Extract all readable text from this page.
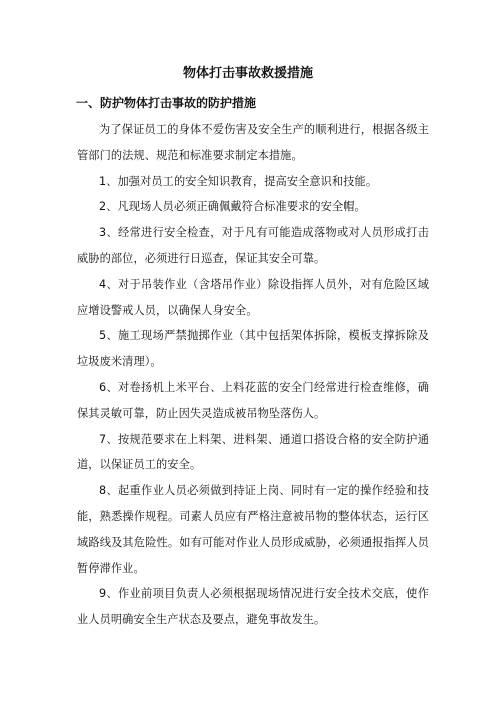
物体打击事故救援措施
一、防护物体打击事故的防护措施

为了保证员工的身体不爱伤害及安全生产的顺利进行，根据各级主管部门的法规、规范和标准要求制定本措施。

1、加强对员工的安全知识教育，提高安全意识和技能。

2、凡现场人员必须正确佩戴符合标准要求的安全帽。

3、经常进行安全检查，对于凡有可能造成落物或对人员形成打击威胁的部位，必须进行日巡查，保证其安全可靠。

4、对于吊装作业（含塔吊作业）除设指挥人员外，对有危险区域应增设警戒人员，以确保人身安全。

5、施工现场严禁抛掷作业（其中包括架体拆除，模板支撑拆除及垃圾废米清理）。

6、对卷扬机上米平台、上料花蓝的安全门经常进行检查维修，确保其灵敏可靠，防止因失灵造成被吊物坠落伤人。

7、按规范要求在上料架、进料架、通道口搭设合格的安全防护通道，以保证员工的安全。

8、起重作业人员必须做到持证上岗、同时有一定的操作经验和技能，熟悉操作规程。司素人员应有严格注意被吊物的整体状态，运行区域路线及其危险性。如有可能对作业人员形成威胁，必须通报指挥人员暂停滞作业。

9、作业前项目负责人必须根据现场情况进行安全技术交底，使作业人员明确安全生产状态及要点，避免事故发生。
